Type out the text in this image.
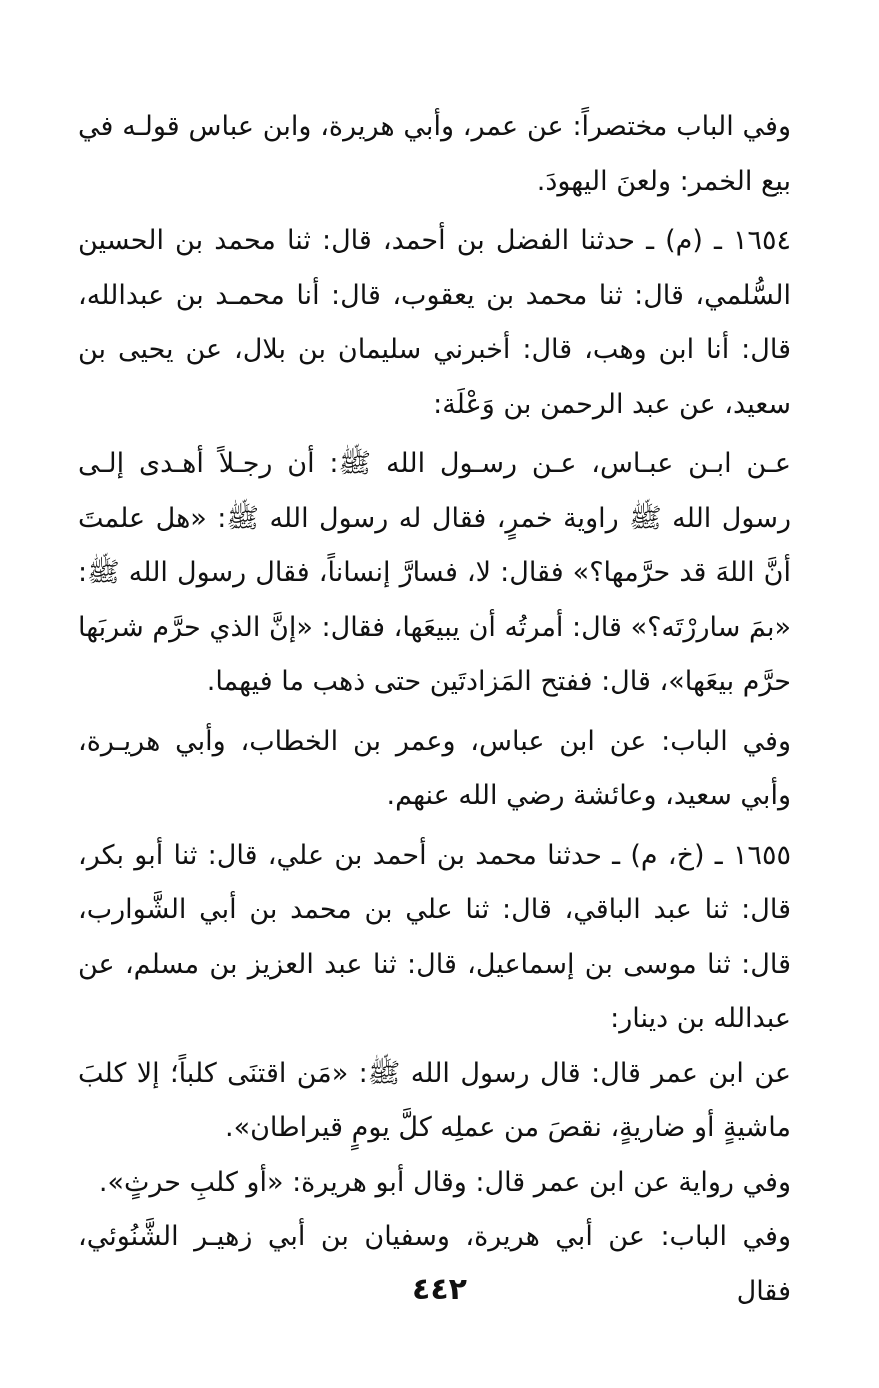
وفي الباب مختصراً: عن عمر، وأبي هريرة، وابن عباس قولـه في بيع الخمر: ولعنَ اليهودَ.

١٦٥٤ ـ (م) ـ حدثنا الفضل بن أحمد، قال: ثنا محمد بن الحسين السُّلمي، قال: ثنا محمد بن يعقوب، قال: أنا محمـد بن عبدالله، قال: أنا ابن وهب، قال: أخبرني سليمان بن بلال، عن يحيى بن سعيد، عن عبد الرحمن بن وَعْلَة:

عـن ابـن عبـاس، عـن رسـول الله ﷺ: أن رجـلاً أهـدى إلـى رسول الله ﷺ راوية خمرٍ، فقال له رسول الله ﷺ: «هل علمتَ أنَّ اللهَ قد حرَّمها؟» فقال: لا، فسارَّ إنساناً، فقال رسول الله ﷺ: «بمَ ساررْتَه؟» قال: أمرتُه أن يبيعَها، فقال: «إنَّ الذي حرَّم شربَها حرَّم بيعَها»، قال: ففتح المَزادتَين حتى ذهب ما فيهما.

وفي الباب: عن ابن عباس، وعمر بن الخطاب، وأبي هريـرة، وأبي سعيد، وعائشة رضي الله عنهم.

١٦٥٥ ـ (خ، م) ـ حدثنا محمد بن أحمد بن علي، قال: ثنا أبو بكر، قال: ثنا عبد الباقي، قال: ثنا علي بن محمد بن أبي الشَّوارب، قال: ثنا موسى بن إسماعيل، قال: ثنا عبد العزيز بن مسلم، عن عبدالله بن دينار:

عن ابن عمر قال: قال رسول الله ﷺ: «مَن اقتنَى كلباً؛ إلا كلبَ ماشيةٍ أو ضاريةٍ، نقصَ من عملِه كلَّ يومٍ قيراطان».

وفي رواية عن ابن عمر قال: وقال أبو هريرة: «أو كلبِ حرثٍ».

وفي الباب: عن أبي هريرة، وسفيان بن أبي زهيـر الشَّنُوئي، فقال

٤٤٢
